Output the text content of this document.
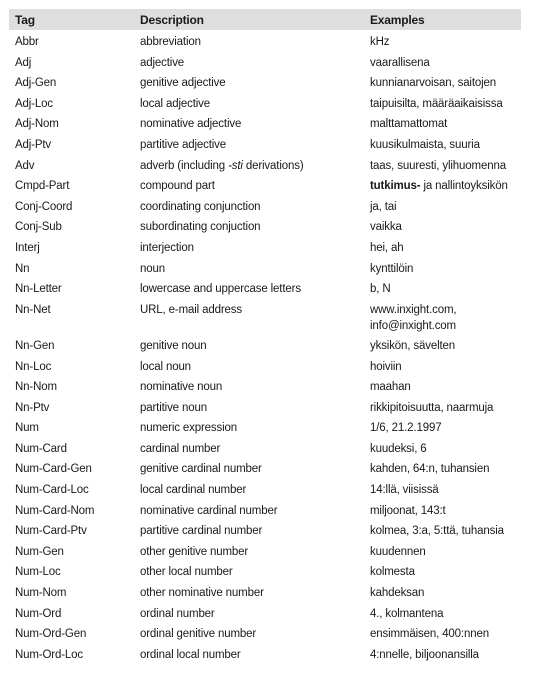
Tag	Description	Examples
Abbr	abbreviation	kHz
Adj	adjective	vaarallisena
Adj-Gen	genitive adjective	kunnianarvoisan, saitojen
Adj-Loc	local adjective	taipuisilta, määräaikaisissa
Adj-Nom	nominative adjective	malttamattomat
Adj-Ptv	partitive adjective	kuusikulmaista, suuria
Adv	adverb (including -sti derivations)	taas, suuresti, ylihuomenna
Cmpd-Part	compound part	tutkimus- ja nallintoyksikön
Conj-Coord	coordinating conjunction	ja, tai
Conj-Sub	subordinating conjuction	vaikka
Interj	interjection	hei, ah
Nn	noun	kynttilöin
Nn-Letter	lowercase and uppercase letters	b, N
Nn-Net	URL, e-mail address	www.inxight.com,
info@inxight.com
Nn-Gen	genitive noun	yksikön, sävelten
Nn-Loc	local noun	hoiviin
Nn-Nom	nominative noun	maahan
Nn-Ptv	partitive noun	rikkipitoisuutta, naarmuja
Num	numeric expression	1/6, 21.2.1997
Num-Card	cardinal number	kuudeksi, 6
Num-Card-Gen	genitive cardinal number	kahden, 64:n, tuhansien
Num-Card-Loc	local cardinal number	14:llä, viisissä
Num-Card-Nom	nominative cardinal number	miljoonat, 143:t
Num-Card-Ptv	partitive cardinal number	kolmea, 3:a, 5:ttä, tuhansia
Num-Gen	other genitive number	kuudennen
Num-Loc	other local number	kolmesta
Num-Nom	other nominative number	kahdeksan
Num-Ord	ordinal number	4., kolmantena
Num-Ord-Gen	ordinal genitive number	ensimmäisen, 400:nnen
Num-Ord-Loc	ordinal local number	4:nnelle, biljoonansilla
